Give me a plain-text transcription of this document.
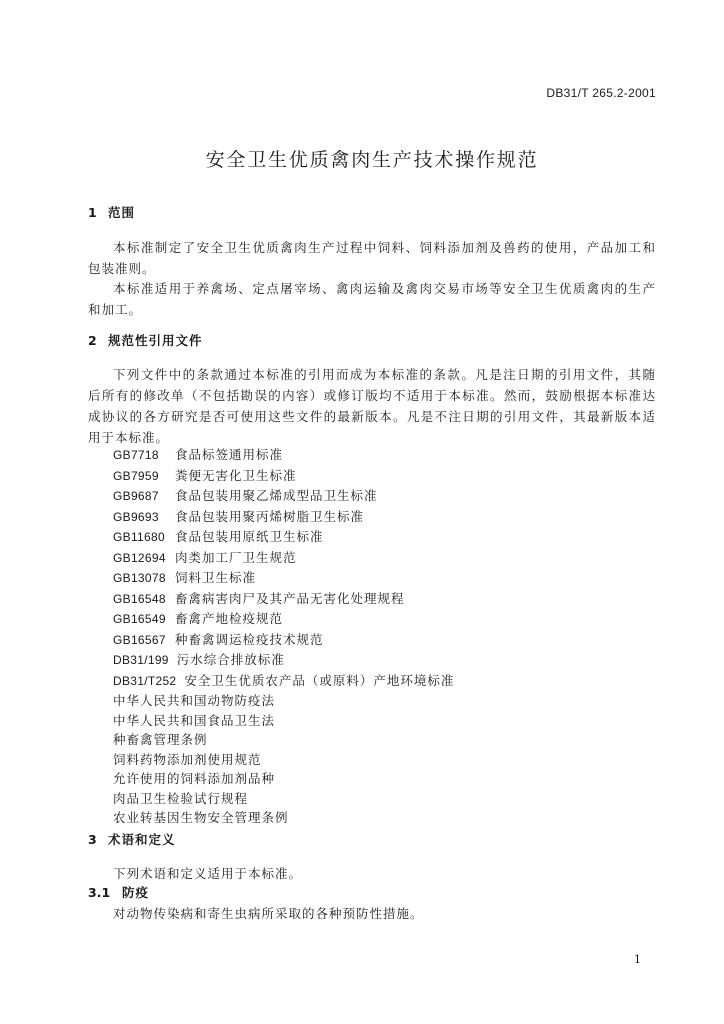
DB31/T 265.2-2001
安全卫生优质禽肉生产技术操作规范
1 范围
本标准制定了安全卫生优质禽肉生产过程中饲料、饲料添加剂及兽药的使用，产品加工和
包装准则。
本标准适用于养禽场、定点屠宰场、禽肉运输及禽肉交易市场等安全卫生优质禽肉的生产
和加工。
2 规范性引用文件
下列文件中的条款通过本标准的引用而成为本标准的条款。凡是注日期的引用文件，其随
后所有的修改单（不包括勘误的内容）或修订版均不适用于本标准。然而，鼓励根据本标准达
成协议的各方研究是否可使用这些文件的最新版本。凡是不注日期的引用文件，其最新版本适
用于本标准。
GB7718 食品标签通用标准
GB7959 粪便无害化卫生标准
GB9687 食品包装用聚乙烯成型品卫生标准
GB9693 食品包装用聚丙烯树脂卫生标准
GB11680 食品包装用原纸卫生标准
GB12694 肉类加工厂卫生规范
GB13078 饲料卫生标准
GB16548 畜禽病害肉尸及其产品无害化处理规程
GB16549 畜禽产地检疫规范
GB16567 种畜禽调运检疫技术规范
DB31/199 污水综合排放标准
DB31/T252 安全卫生优质农产品（或原料）产地环境标准
中华人民共和国动物防疫法
中华人民共和国食品卫生法
种畜禽管理条例
饲料药物添加剂使用规范
允许使用的饲料添加剂品种
肉品卫生检验试行规程
农业转基因生物安全管理条例
3 术语和定义
下列术语和定义适用于本标准。
3.1 防疫
对动物传染病和寄生虫病所采取的各种预防性措施。
1
